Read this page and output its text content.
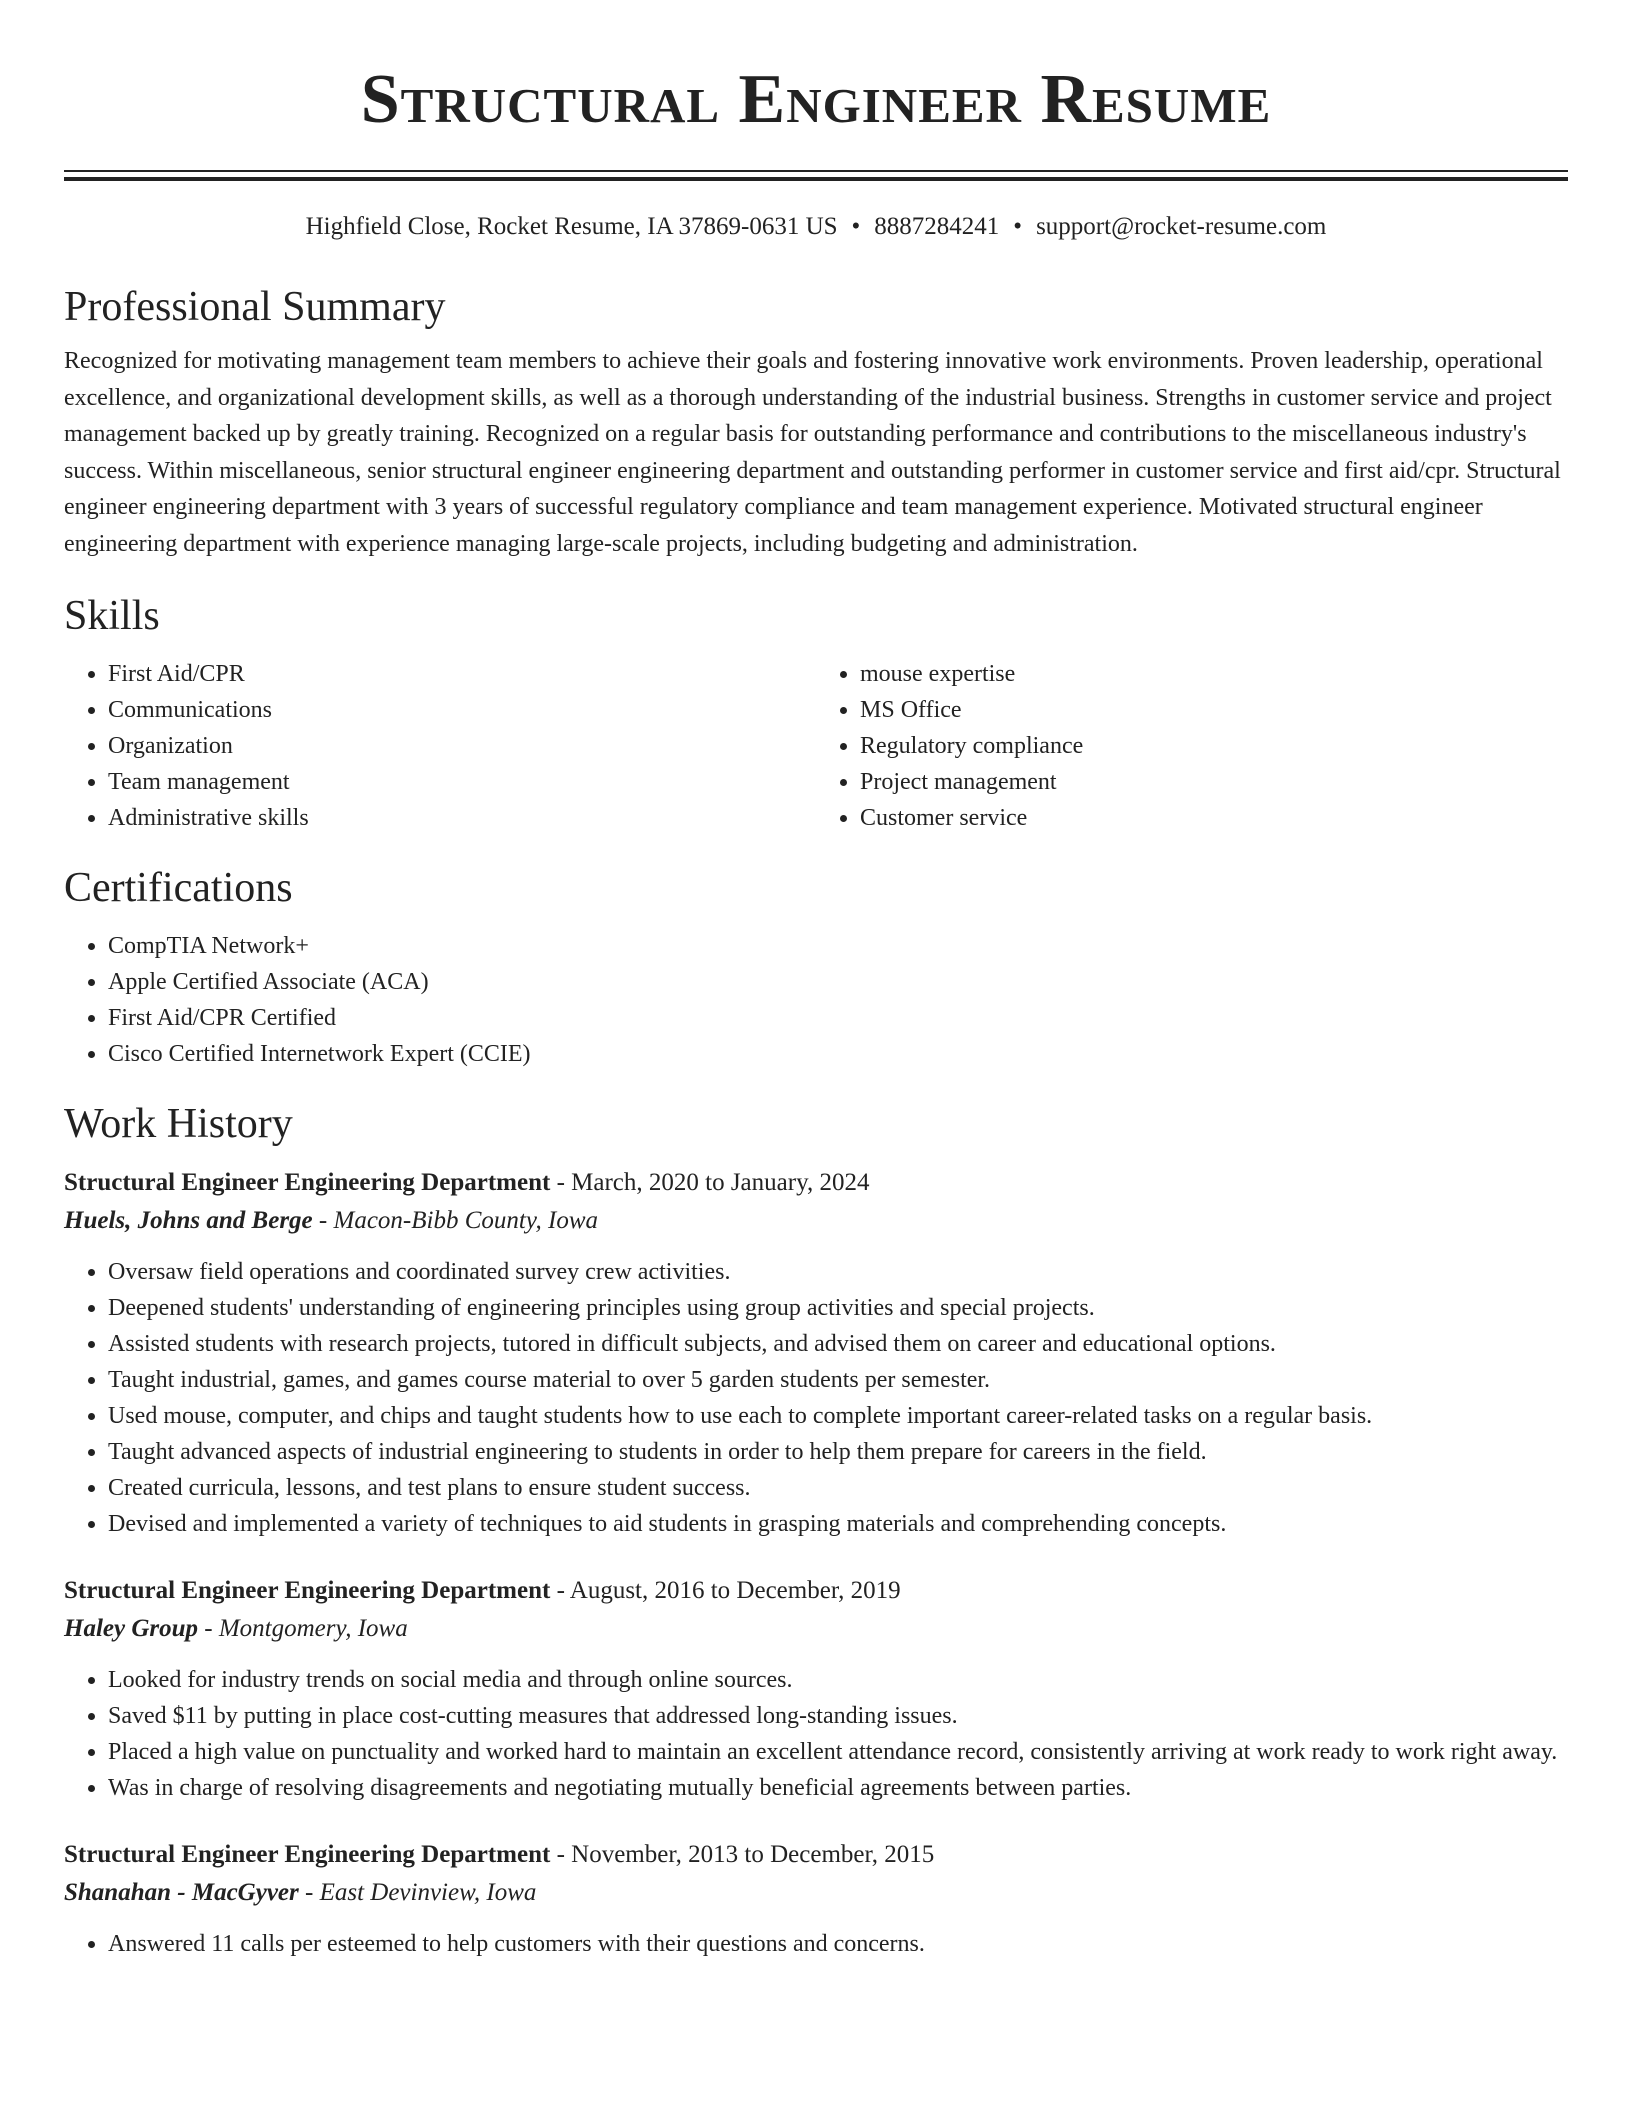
Structural Engineer Resume
Highfield Close, Rocket Resume, IA 37869-0631 US • 8887284241 • support@rocket-resume.com
Professional Summary

Recognized for motivating management team members to achieve their goals and fostering innovative work environments. Proven leadership, operational excellence, and organizational development skills, as well as a thorough understanding of the industrial business. Strengths in customer service and project management backed up by greatly training. Recognized on a regular basis for outstanding performance and contributions to the miscellaneous industry's success. Within miscellaneous, senior structural engineer engineering department and outstanding performer in customer service and first aid/cpr. Structural engineer engineering department with 3 years of successful regulatory compliance and team management experience. Motivated structural engineer engineering department with experience managing large-scale projects, including budgeting and administration.

Skills
• First Aid/CPR
• Communications
• Organization
• Team management
• Administrative skills
• mouse expertise
• MS Office
• Regulatory compliance
• Project management
• Customer service
Certifications
• CompTIA Network+
• Apple Certified Associate (ACA)
• First Aid/CPR Certified
• Cisco Certified Internetwork Expert (CCIE)
Work History
Structural Engineer Engineering Department - March, 2020 to January, 2024
Huels, Johns and Berge - Macon-Bibb County, Iowa
• Oversaw field operations and coordinated survey crew activities.
• Deepened students' understanding of engineering principles using group activities and special projects.
• Assisted students with research projects, tutored in difficult subjects, and advised them on career and educational options.
• Taught industrial, games, and games course material to over 5 garden students per semester.
• Used mouse, computer, and chips and taught students how to use each to complete important career-related tasks on a regular basis.
• Taught advanced aspects of industrial engineering to students in order to help them prepare for careers in the field.
• Created curricula, lessons, and test plans to ensure student success.
• Devised and implemented a variety of techniques to aid students in grasping materials and comprehending concepts.
Structural Engineer Engineering Department - August, 2016 to December, 2019
Haley Group - Montgomery, Iowa
• Looked for industry trends on social media and through online sources.
• Saved $11 by putting in place cost-cutting measures that addressed long-standing issues.
• Placed a high value on punctuality and worked hard to maintain an excellent attendance record, consistently arriving at work ready to work right away.
• Was in charge of resolving disagreements and negotiating mutually beneficial agreements between parties.
Structural Engineer Engineering Department - November, 2013 to December, 2015
Shanahan - MacGyver - East Devinview, Iowa
• Answered 11 calls per esteemed to help customers with their questions and concerns.
